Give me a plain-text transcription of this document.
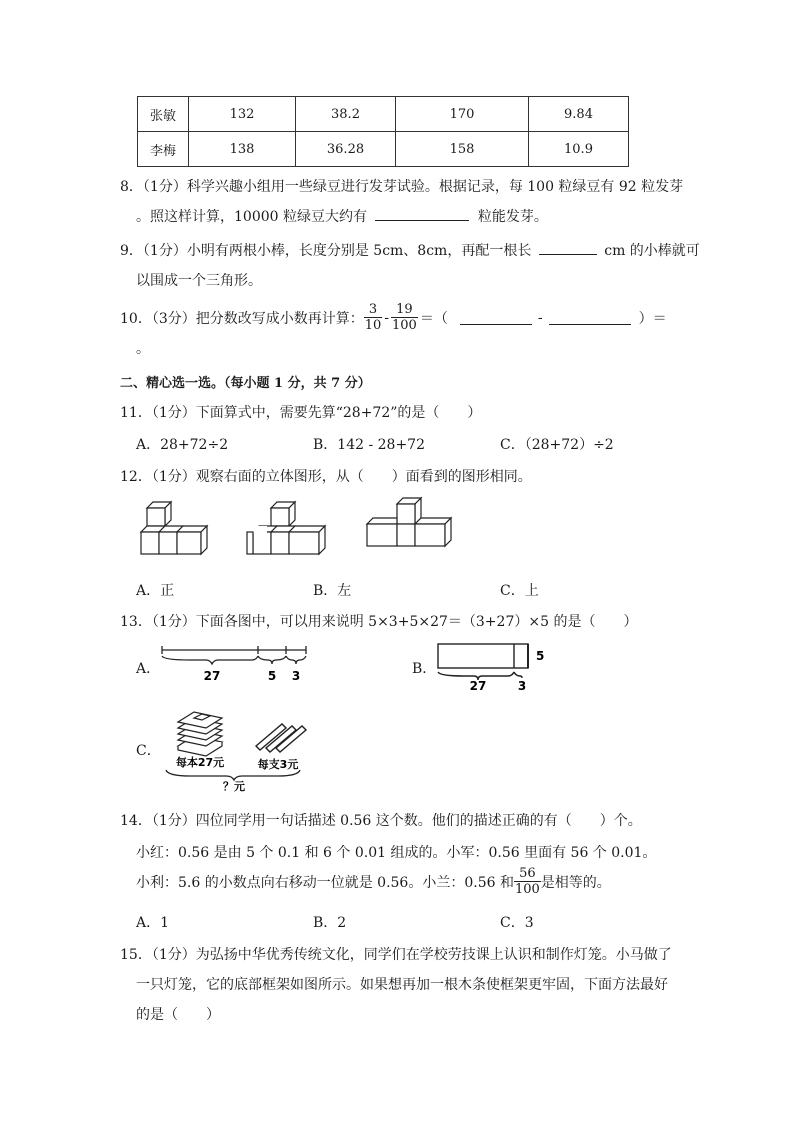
张敏	132	38.2	170	9.84
李梅	138	36.28	158	10.9
8．（1分）科学兴趣小组用一些绿豆进行发芽试验。根据记录，每 100 粒绿豆有 92 粒发芽
。照这样计算，10000 粒绿豆大约有	粒能发芽。
9．（1分）小明有两根小棒，长度分别是 5cm、8cm，再配一根长	cm 的小棒就可
以围成一个三角形。
10．（3分）把分数改写成小数再计算： $\frac{3}{10} - \frac{19}{100}$ ＝（	-	）＝
。
二、精心选一选。（每小题 1 分，共 7 分）
11．（1分）下面算式中，需要先算“28+72”的是（　　）
A．28+72÷2	B．142 - 28+72	C．（28+72）÷2
12．（1分）观察右面的立体图形，从（　　）面看到的图形相同。
A．正	B．左	C．上
13．（1分）下面各图中，可以用来说明 5×3+5×27＝（3+27）×5 的是（　　）
A．	27	5 3	B．
5
27	3
C．
每本27元	每支3元
？元
14．（1分）四位同学用一句话描述 0.56 这个数。他们的描述正确的有（　　）个。
小红：0.56 是由 5 个 0.1 和 6 个 0.01 组成的。小军：0.56 里面有 56 个 0.01。
小利：5.6 的小数点向右移动一位就是 0.56。小兰：0.56 和 $\frac{56}{100}$ 是相等的。
A．1	B．2	C．3
15．（1分）为弘扬中华优秀传统文化，同学们在学校劳技课上认识和制作灯笼。小马做了
一只灯笼，它的底部框架如图所示。如果想再加一根木条使框架更牢固，下面方法最好
的是（　　）
